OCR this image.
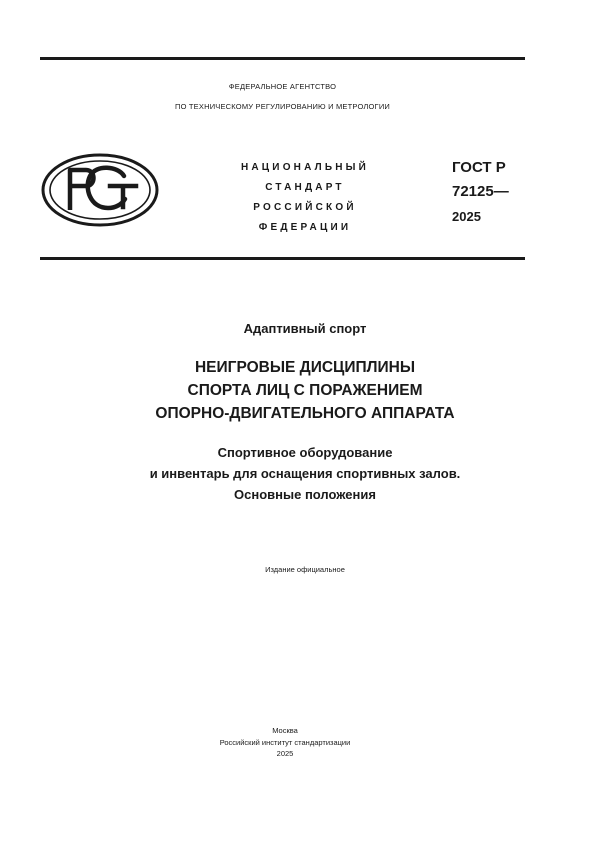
ФЕДЕРАЛЬНОЕ АГЕНТСТВО
ПО ТЕХНИЧЕСКОМУ РЕГУЛИРОВАНИЮ И МЕТРОЛОГИИ
НАЦИОНАЛЬНЫЙ
СТАНДАРТ
РОССИЙСКОЙ
ФЕДЕРАЦИИ
ГОСТ Р
72125—
2025
Адаптивный спорт
НЕИГРОВЫЕ ДИСЦИПЛИНЫ
СПОРТА ЛИЦ С ПОРАЖЕНИЕМ
ОПОРНО-ДВИГАТЕЛЬНОГО АППАРАТА
Спортивное оборудование
и инвентарь для оснащения спортивных залов.
Основные положения
Издание официальное
Москва
Российский институт стандартизации
2025
